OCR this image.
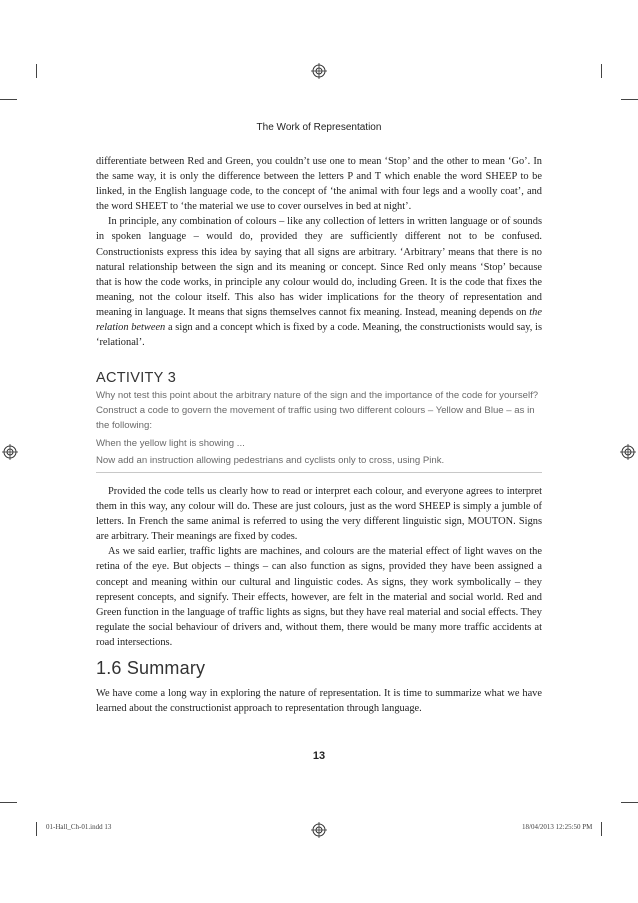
The Work of Representation

differentiate between Red and Green, you couldn’t use one to mean ‘Stop’ and the other to mean ‘Go’. In the same way, it is only the difference between the letters P and T which enable the word SHEEP to be linked, in the English language code, to the concept of ‘the animal with four legs and a woolly coat’, and the word SHEET to ‘the material we use to cover ourselves in bed at night’.

In principle, any combination of colours – like any collection of letters in written language or of sounds in spoken language – would do, provided they are sufficiently different not to be confused. Constructionists express this idea by saying that all signs are arbitrary. ‘Arbitrary’ means that there is no natural relationship between the sign and its meaning or concept. Since Red only means ‘Stop’ because that is how the code works, in principle any colour would do, including Green. It is the code that fixes the meaning, not the colour itself. This also has wider implications for the theory of representation and meaning in language. It means that signs themselves cannot fix meaning. Instead, meaning depends on the relation between a sign and a concept which is fixed by a code. Meaning, the constructionists would say, is ‘relational’.

ACTIVITY 3

Why not test this point about the arbitrary nature of the sign and the importance of the code for yourself? Construct a code to govern the movement of traffic using two different colours – Yellow and Blue – as in the following:

When the yellow light is showing ...

Now add an instruction allowing pedestrians and cyclists only to cross, using Pink.

Provided the code tells us clearly how to read or interpret each colour, and everyone agrees to interpret them in this way, any colour will do. These are just colours, just as the word SHEEP is simply a jumble of letters. In French the same animal is referred to using the very different linguistic sign, MOUTON. Signs are arbitrary. Their meanings are fixed by codes.

As we said earlier, traffic lights are machines, and colours are the material effect of light waves on the retina of the eye. But objects – things – can also function as signs, provided they have been assigned a concept and meaning within our cultural and linguistic codes. As signs, they work symbolically – they represent concepts, and signify. Their effects, however, are felt in the material and social world. Red and Green function in the language of traffic lights as signs, but they have real material and social effects. They regulate the social behaviour of drivers and, without them, there would be many more traffic accidents at road intersections.

1.6 Summary

We have come a long way in exploring the nature of representation. It is time to summarize what we have learned about the constructionist approach to representation through language.

13
01-Hall_Ch-01.indd 13	18/04/2013 12:25:50 PM
